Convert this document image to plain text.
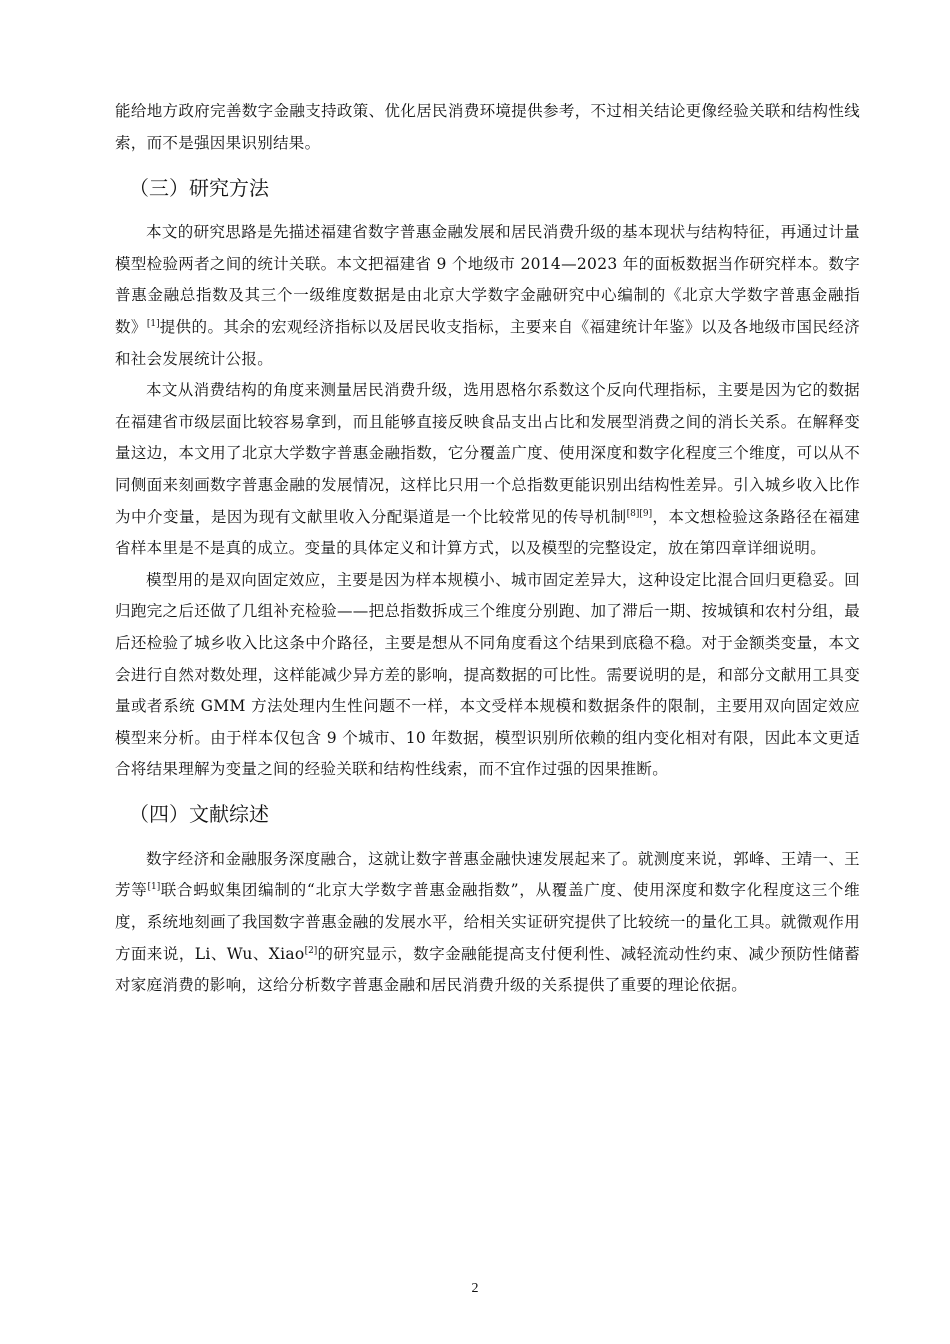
能给地方政府完善数字金融支持政策、优化居民消费环境提供参考，不过相关结论更像经验关联和结构性线索，而不是强因果识别结果。

（三）研究方法

本文的研究思路是先描述福建省数字普惠金融发展和居民消费升级的基本现状与结构特征，再通过计量模型检验两者之间的统计关联。本文把福建省 9 个地级市 2014—2023 年的面板数据当作研究样本。数字普惠金融总指数及其三个一级维度数据是由北京大学数字金融研究中心编制的《北京大学数字普惠金融指数》[1]提供的。其余的宏观经济指标以及居民收支指标，主要来自《福建统计年鉴》以及各地级市国民经济和社会发展统计公报。

本文从消费结构的角度来测量居民消费升级，选用恩格尔系数这个反向代理指标，主要是因为它的数据在福建省市级层面比较容易拿到，而且能够直接反映食品支出占比和发展型消费之间的消长关系。在解释变量这边，本文用了北京大学数字普惠金融指数，它分覆盖广度、使用深度和数字化程度三个维度，可以从不同侧面来刻画数字普惠金融的发展情况，这样比只用一个总指数更能识别出结构性差异。引入城乡收入比作为中介变量，是因为现有文献里收入分配渠道是一个比较常见的传导机制[8][9]，本文想检验这条路径在福建省样本里是不是真的成立。变量的具体定义和计算方式，以及模型的完整设定，放在第四章详细说明。

模型用的是双向固定效应，主要是因为样本规模小、城市固定差异大，这种设定比混合回归更稳妥。回归跑完之后还做了几组补充检验——把总指数拆成三个维度分别跑、加了滞后一期、按城镇和农村分组，最后还检验了城乡收入比这条中介路径，主要是想从不同角度看这个结果到底稳不稳。对于金额类变量，本文会进行自然对数处理，这样能减少异方差的影响，提高数据的可比性。需要说明的是，和部分文献用工具变量或者系统 GMM 方法处理内生性问题不一样，本文受样本规模和数据条件的限制，主要用双向固定效应模型来分析。由于样本仅包含 9 个城市、10 年数据，模型识别所依赖的组内变化相对有限，因此本文更适合将结果理解为变量之间的经验关联和结构性线索，而不宜作过强的因果推断。

（四）文献综述

数字经济和金融服务深度融合，这就让数字普惠金融快速发展起来了。就测度来说，郭峰、王靖一、王芳等[1]联合蚂蚁集团编制的“北京大学数字普惠金融指数”，从覆盖广度、使用深度和数字化程度这三个维度，系统地刻画了我国数字普惠金融的发展水平，给相关实证研究提供了比较统一的量化工具。就微观作用方面来说，Li、Wu、Xiao[2]的研究显示，数字金融能提高支付便利性、减轻流动性约束、减少预防性储蓄对家庭消费的影响，这给分析数字普惠金融和居民消费升级的关系提供了重要的理论依据。

2
